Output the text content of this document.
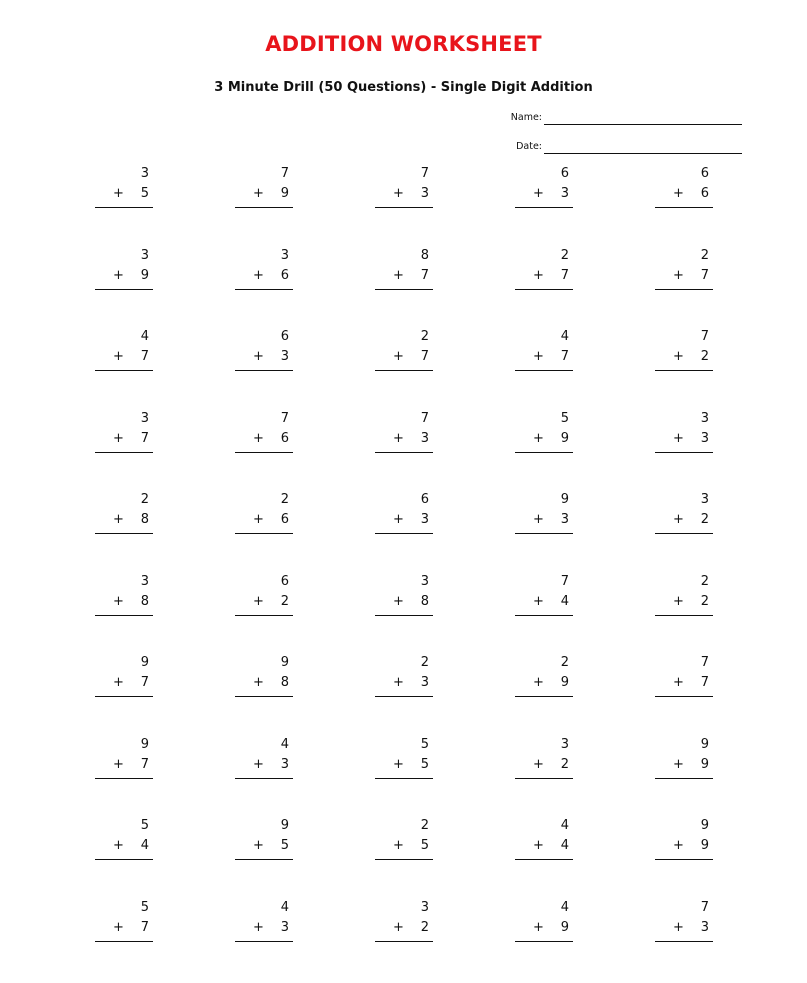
ADDITION WORKSHEET
3 Minute Drill (50 Questions) - Single Digit Addition
Name:
Date:
3
+ 5
7
+ 9
7
+ 3
6
+ 3
6
+ 6
3
+ 9
3
+ 6
8
+ 7
2
+ 7
2
+ 7
4
+ 7
6
+ 3
2
+ 7
4
+ 7
7
+ 2
3
+ 7
7
+ 6
7
+ 3
5
+ 9
3
+ 3
2
+ 8
2
+ 6
6
+ 3
9
+ 3
3
+ 2
3
+ 8
6
+ 2
3
+ 8
7
+ 4
2
+ 2
9
+ 7
9
+ 8
2
+ 3
2
+ 9
7
+ 7
9
+ 7
4
+ 3
5
+ 5
3
+ 2
9
+ 9
5
+ 4
9
+ 5
2
+ 5
4
+ 4
9
+ 9
5
+ 7
4
+ 3
3
+ 2
4
+ 9
7
+ 3
